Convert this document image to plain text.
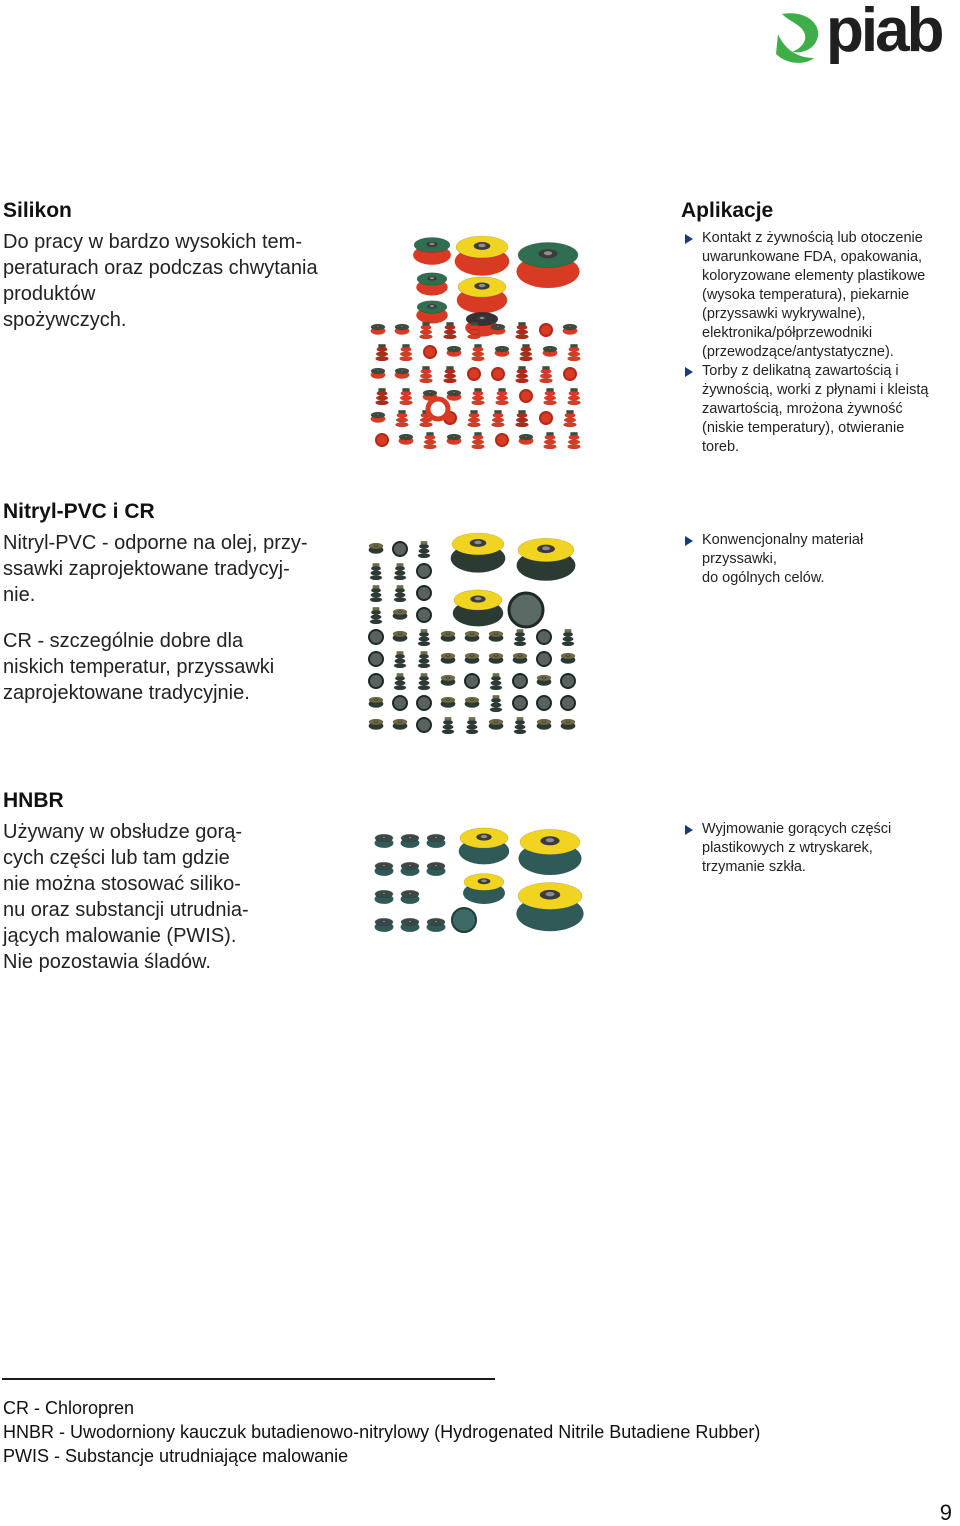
piab
Silikon

Do pracy w bardzo wysokich tem-
peraturach oraz podczas chwytania
produktów
spożywczych.

Aplikacje
Kontakt z żywnością lub otoczenie
uwarunkowane FDA, opakowania,
koloryzowane elementy plastikowe
(wysoka temperatura), piekarnie
(przyssawki wykrywalne),
elektronika/półprzewodniki
(przewodzące/antystatyczne).
Torby z delikatną zawartością i
żywnością, worki z płynami i kleistą
zawartością, mrożona żywność
(niskie temperatury), otwieranie
toreb.
Nitryl-PVC i CR

Nitryl-PVC - odporne na olej, przy-
ssawki zaprojektowane tradycyj-
nie.

CR - szczególnie dobre dla
niskich temperatur, przyssawki
zaprojektowane tradycyjnie.

Konwencjonalny materiał
przyssawki,
do ogólnych celów.
HNBR

Używany w obsłudze gorą-
cych części lub tam gdzie
nie można stosować siliko-
nu oraz substancji utrudnia-
jących malowanie (PWIS).
Nie pozostawia śladów.

Wyjmowanie gorących części
plastikowych z wtryskarek,
trzymanie szkła.
CR - Chloropren
HNBR - Uwodorniony kauczuk butadienowo-nitrylowy (Hydrogenated Nitrile Butadiene Rubber)
PWIS - Substancje utrudniające malowanie
9
